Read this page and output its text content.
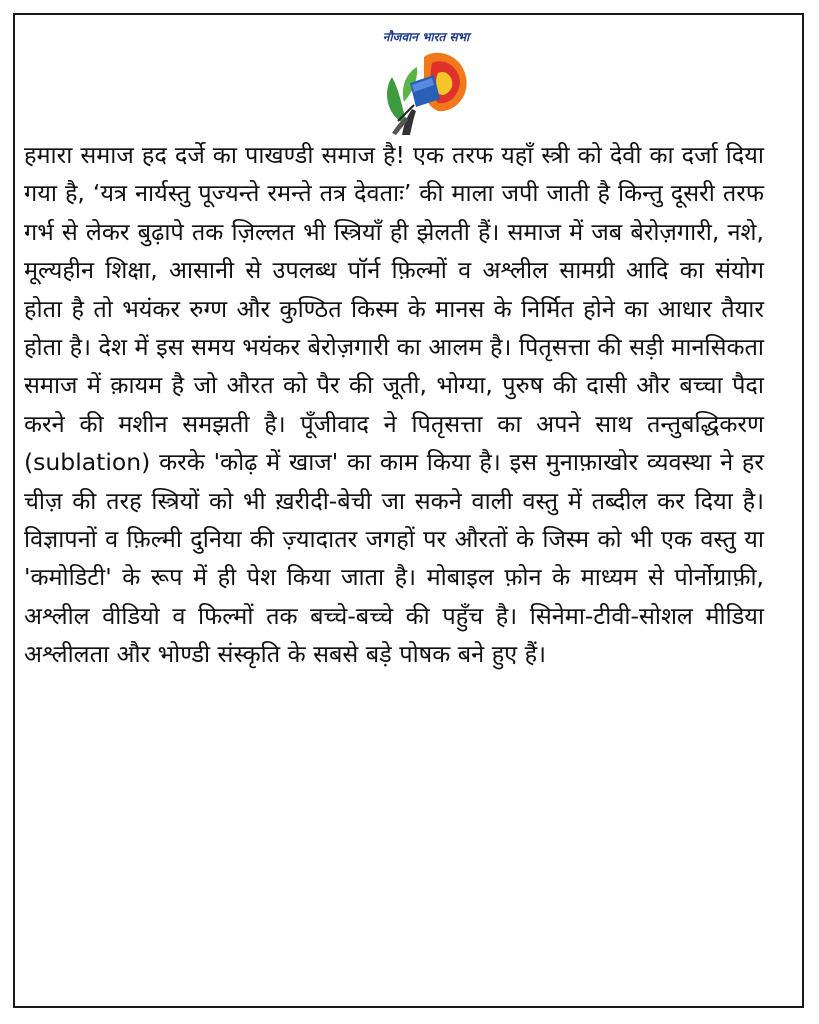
नौजवान भारत सभा

हमारा समाज हद दर्जे का पाखण्डी समाज है! एक तरफ यहाँ स्त्री को देवी का दर्जा दिया गया है, ‘यत्र नार्यस्तु पूज्यन्ते रमन्ते तत्र देवताः’ की माला जपी जाती है किन्तु दूसरी तरफ गर्भ से लेकर बुढ़ापे तक ज़िल्लत भी स्त्रियाँ ही झेलती हैं। समाज में जब बेरोज़गारी, नशे, मूल्यहीन शिक्षा, आसानी से उपलब्ध पॉर्न फ़िल्मों व अश्लील सामग्री आदि का संयोग होता है तो भयंकर रुग्ण और कुण्ठित किस्म के मानस के निर्मित होने का आधार तैयार होता है। देश में इस समय भयंकर बेरोज़गारी का आलम है। पितृसत्ता की सड़ी मानसिकता समाज में क़ायम है जो औरत को पैर की जूती, भोग्या, पुरुष की दासी और बच्चा पैदा करने की मशीन समझती है। पूँजीवाद ने पितृसत्ता का अपने साथ तन्तुबद्धिकरण (sublation) करके 'कोढ़ में खाज' का काम किया है। इस मुनाफ़ाखोर व्यवस्था ने हर चीज़ की तरह स्त्रियों को भी ख़रीदी-बेची जा सकने वाली वस्तु में तब्दील कर दिया है। विज्ञापनों व फ़िल्मी दुनिया की ज़्यादातर जगहों पर औरतों के जिस्म को भी एक वस्तु या 'कमोडिटी' के रूप में ही पेश किया जाता है। मोबाइल फ़ोन के माध्यम से पोर्नोग्राफ़ी, अश्लील वीडियो व फिल्मों तक बच्चे-बच्चे की पहुँच है। सिनेमा-टीवी-सोशल मीडिया अश्लीलता और भोण्डी संस्कृति के सबसे बड़े पोषक बने हुए हैं।
